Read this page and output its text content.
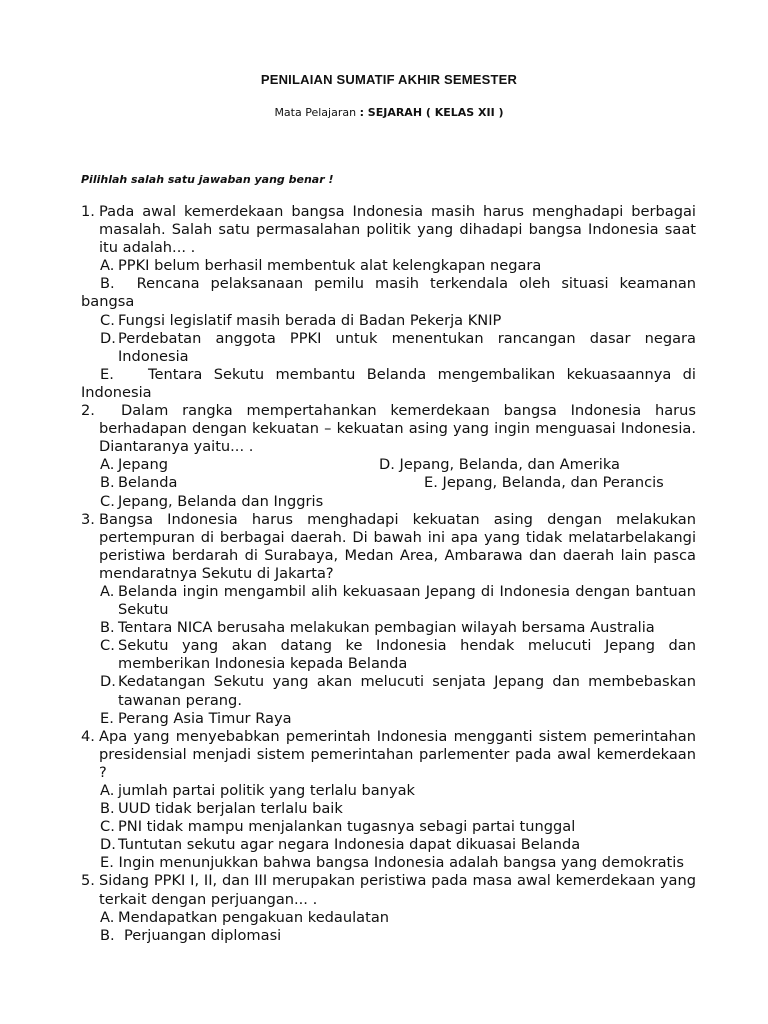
PENILAIAN SUMATIF AKHIR SEMESTER
Mata Pelajaran : SEJARAH ( KELAS XII )
Pilihlah salah satu jawaban yang benar !
1. Pada awal kemerdekaan bangsa Indonesia masih harus menghadapi berbagai masalah. Salah satu permasalahan politik yang dihadapi bangsa Indonesia saat itu adalah... .
A. PPKI belum berhasil membentuk alat kelengkapan negara
B. Rencana pelaksanaan pemilu masih terkendala oleh situasi keamanan bangsa
C. Fungsi legislatif masih berada di Badan Pekerja KNIP
D. Perdebatan anggota PPKI untuk menentukan rancangan dasar negara Indonesia
E. Tentara Sekutu membantu Belanda mengembalikan kekuasaannya di Indonesia
2.	Dalam rangka mempertahankan kemerdekaan bangsa Indonesia harus berhadapan dengan kekuatan – kekuatan asing yang ingin menguasai Indonesia. Diantaranya yaitu... .
A. Jepang	D. Jepang, Belanda, dan Amerika
B. Belanda	E. Jepang, Belanda, dan Perancis
C. Jepang, Belanda dan Inggris
3. Bangsa Indonesia harus menghadapi kekuatan asing dengan melakukan pertempuran di berbagai daerah. Di bawah ini apa yang tidak melatarbelakangi peristiwa berdarah di Surabaya, Medan Area, Ambarawa dan daerah lain pasca mendaratnya Sekutu di Jakarta?
A. Belanda ingin mengambil alih kekuasaan Jepang di Indonesia dengan bantuan Sekutu
B. Tentara NICA berusaha melakukan pembagian wilayah bersama Australia
C. Sekutu yang akan datang ke Indonesia hendak melucuti Jepang dan memberikan Indonesia kepada Belanda
D. Kedatangan Sekutu yang akan melucuti senjata Jepang dan membebaskan tawanan perang.
E. Perang Asia Timur Raya
4. Apa yang menyebabkan pemerintah Indonesia mengganti sistem pemerintahan presidensial menjadi sistem pemerintahan parlementer pada awal kemerdekaan ?
A. jumlah partai politik yang terlalu banyak
B. UUD tidak berjalan terlalu baik
C. PNI tidak mampu menjalankan tugasnya sebagi partai tunggal
D. Tuntutan sekutu agar negara Indonesia dapat dikuasai Belanda
E. Ingin menunjukkan bahwa bangsa Indonesia adalah bangsa yang demokratis
5. Sidang PPKI I, II, dan III merupakan peristiwa pada masa awal kemerdekaan yang terkait dengan perjuangan... .
A. Mendapatkan pengakuan kedaulatan
B. Perjuangan diplomasi
